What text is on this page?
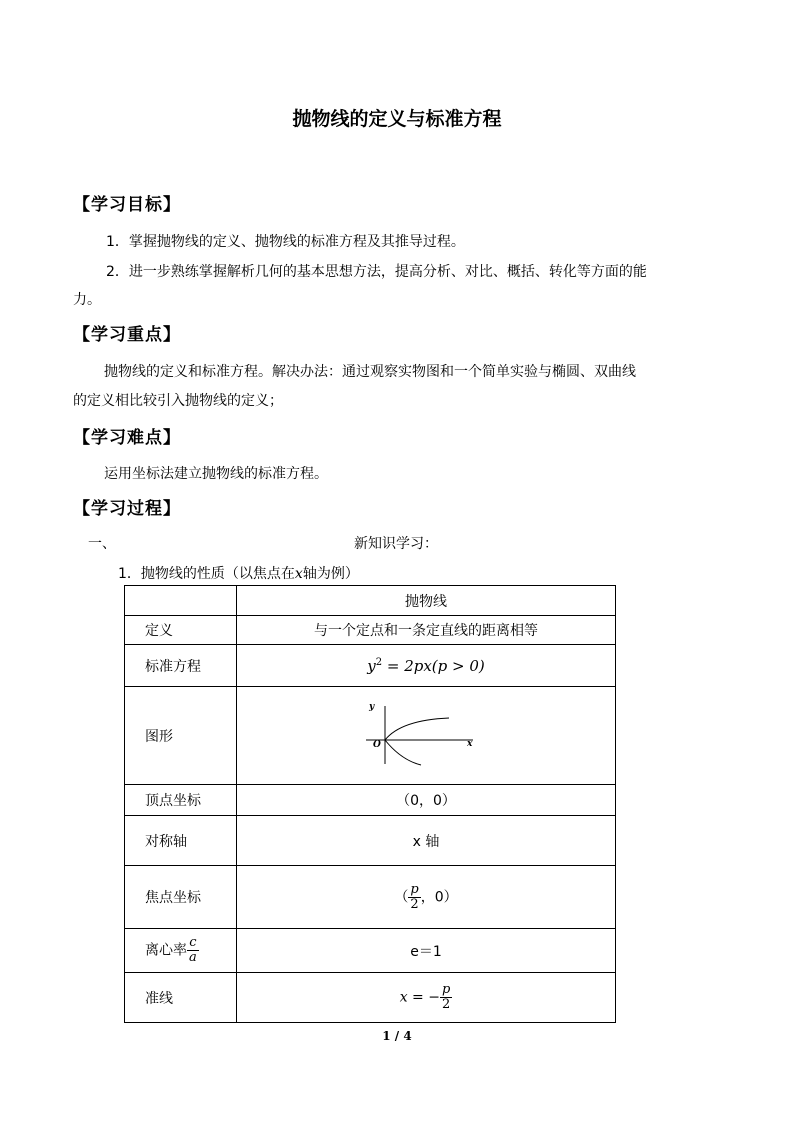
抛物线的定义与标准方程
【学习目标】
1．掌握抛物线的定义、抛物线的标准方程及其推导过程。
2．进一步熟练掌握解析几何的基本思想方法，提高分析、对比、概括、转化等方面的能
力。
【学习重点】
抛物线的定义和标准方程。解决办法：通过观察实物图和一个简单实验与椭圆、双曲线
的定义相比较引入抛物线的定义；
【学习难点】
运用坐标法建立抛物线的标准方程。
【学习过程】
一、	新知识学习：
1．抛物线的性质（以焦点在x轴为例）
	抛物线
定义	与一个定点和一条定直线的距离相等
标准方程	$y^2 = 2px(p > 0)$
图形	y
x
O

顶点坐标	（0，0）
对称轴	x 轴
焦点坐标	（ $\frac{p}{2}$ ，0）
离心率 $\frac{c}{a}$	e＝1
准线	x = − $\frac{p}{2}$
1 / 4
